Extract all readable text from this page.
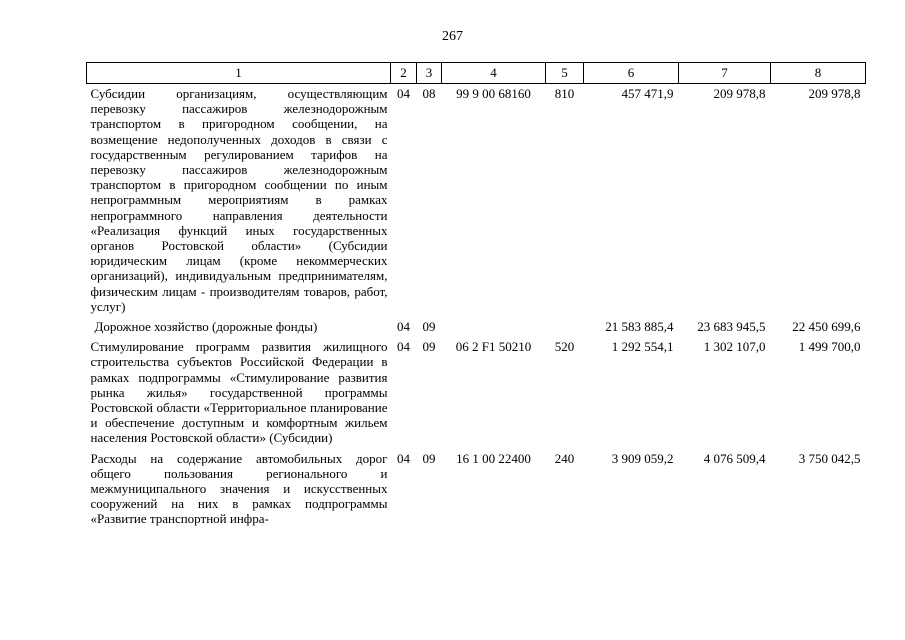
267
1	2	3	4	5	6	7	8
Субсидии организациям, осуществляющим перевозку пассажиров железнодорожным транспортом в пригородном сообщении, на возмещение недополученных доходов в связи с государственным регулированием тарифов на перевозку пассажиров железнодорожным транспортом в пригородном сообщении по иным непрограммным мероприятиям в рамках непрограммного направления деятельности «Реализация функций иных государственных органов Ростовской области» (Субсидии юридическим лицам (кроме некоммерческих организаций), индивидуальным предпринимателям, физическим лицам - производителям товаров, работ, услуг)	04	08	99 9 00 68160	810	457 471,9	209 978,8	209 978,8
Дорожное хозяйство (дорожные фонды)	04	09			21 583 885,4	23 683 945,5	22 450 699,6
Стимулирование программ развития жилищного строительства субъектов Российской Федерации в рамках подпрограммы «Стимулирование развития рынка жилья» государственной программы Ростовской области «Территориальное планирование и обеспечение доступным и комфортным жильем населения Ростовской области» (Субсидии)	04	09	06 2 F1 50210	520	1 292 554,1	1 302 107,0	1 499 700,0
Расходы на содержание автомобильных дорог общего пользования регионального и межмуниципального значения и искусственных сооружений на них в рамках подпрограммы «Развитие транспортной инфра-	04	09	16 1 00 22400	240	3 909 059,2	4 076 509,4	3 750 042,5
